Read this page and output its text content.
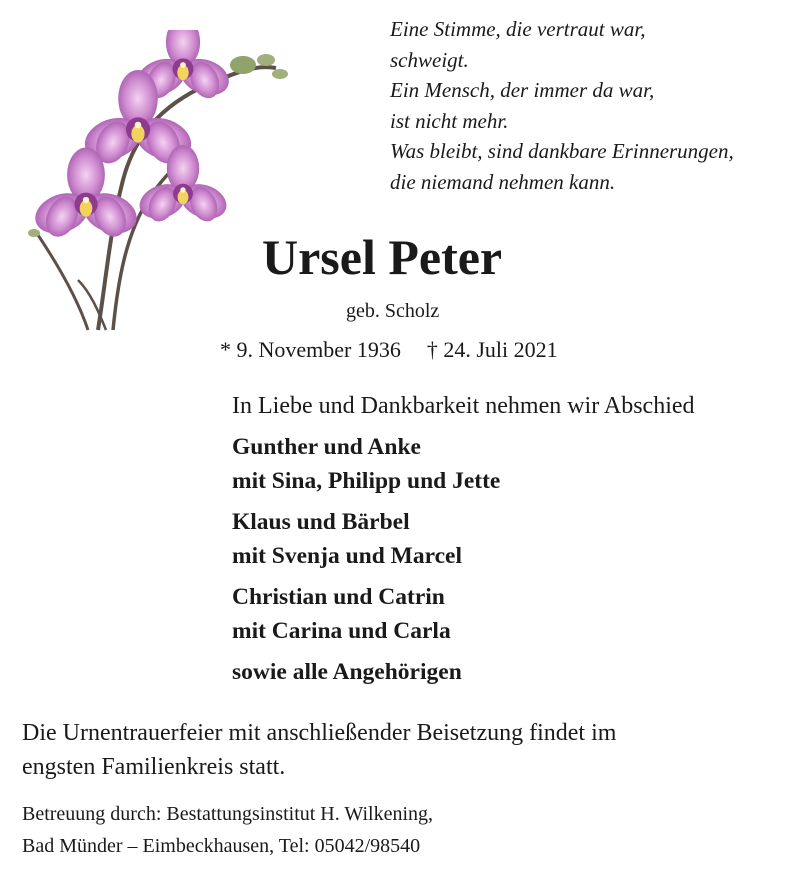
Eine Stimme, die vertraut war,
schweigt.
Ein Mensch, der immer da war,
ist nicht mehr.
Was bleibt, sind dankbare Erinnerungen,
die niemand nehmen kann.
Ursel Peter
geb. Scholz
* 9. November 1936 † 24. Juli 2021
In Liebe und Dankbarkeit nehmen wir Abschied
Gunther und Anke
mit Sina, Philipp und Jette
Klaus und Bärbel
mit Svenja und Marcel
Christian und Catrin
mit Carina und Carla
sowie alle Angehörigen
Die Urnentrauerfeier mit anschließender Beisetzung findet im
engsten Familienkreis statt.
Betreuung durch: Bestattungsinstitut H. Wilkening,
Bad Münder – Eimbeckhausen, Tel: 05042/98540
